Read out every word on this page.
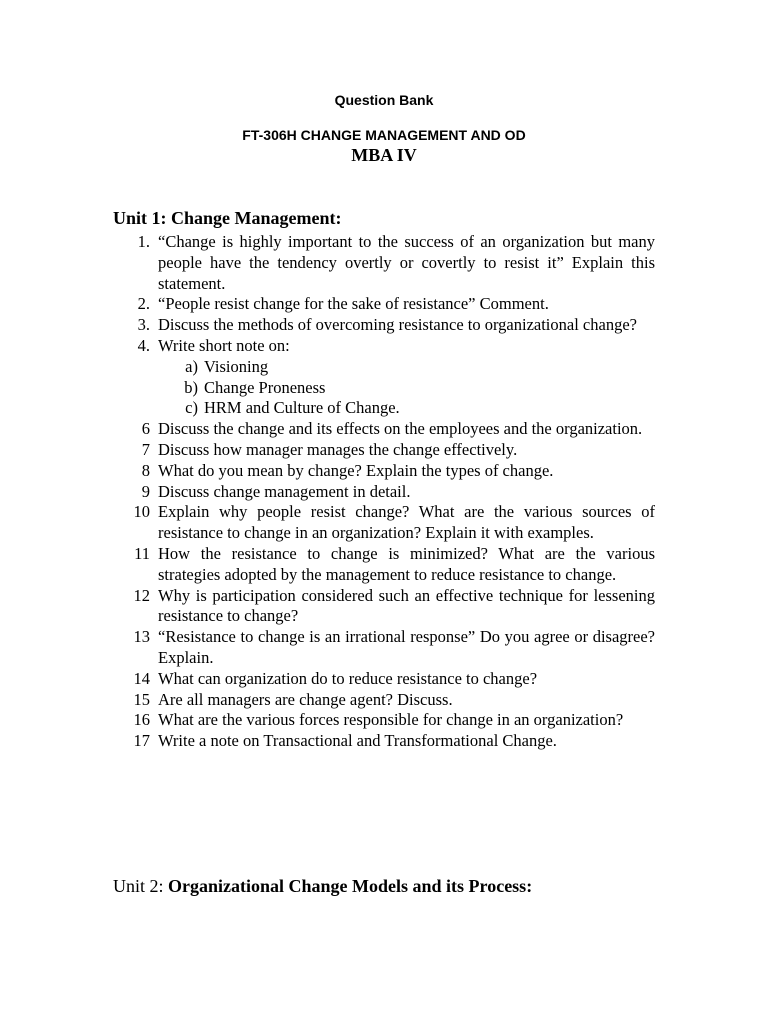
Question Bank
FT-306H CHANGE MANAGEMENT AND OD
MBA IV
Unit 1: Change Management:
1. “Change is highly important to the success of an organization but many people have the tendency overtly or covertly to resist it” Explain this statement.
2. “People resist change for the sake of resistance” Comment.
3. Discuss the methods of overcoming resistance to organizational change?
4. Write short note on:
a) Visioning
b) Change Proneness
c) HRM and Culture of Change.
6 Discuss the change and its effects on the employees and the organization.
7 Discuss how manager manages the change effectively.
8 What do you mean by change? Explain the types of change.
9 Discuss change management in detail.
10 Explain why people resist change? What are the various sources of resistance to change in an organization? Explain it with examples.
11 How the resistance to change is minimized? What are the various strategies adopted by the management to reduce resistance to change.
12 Why is participation considered such an effective technique for lessening resistance to change?
13 “Resistance to change is an irrational response” Do you agree or disagree? Explain.
14 What can organization do to reduce resistance to change?
15 Are all managers are change agent? Discuss.
16 What are the various forces responsible for change in an organization?
17 Write a note on Transactional and Transformational Change.
Unit 2: Organizational Change Models and its Process:
